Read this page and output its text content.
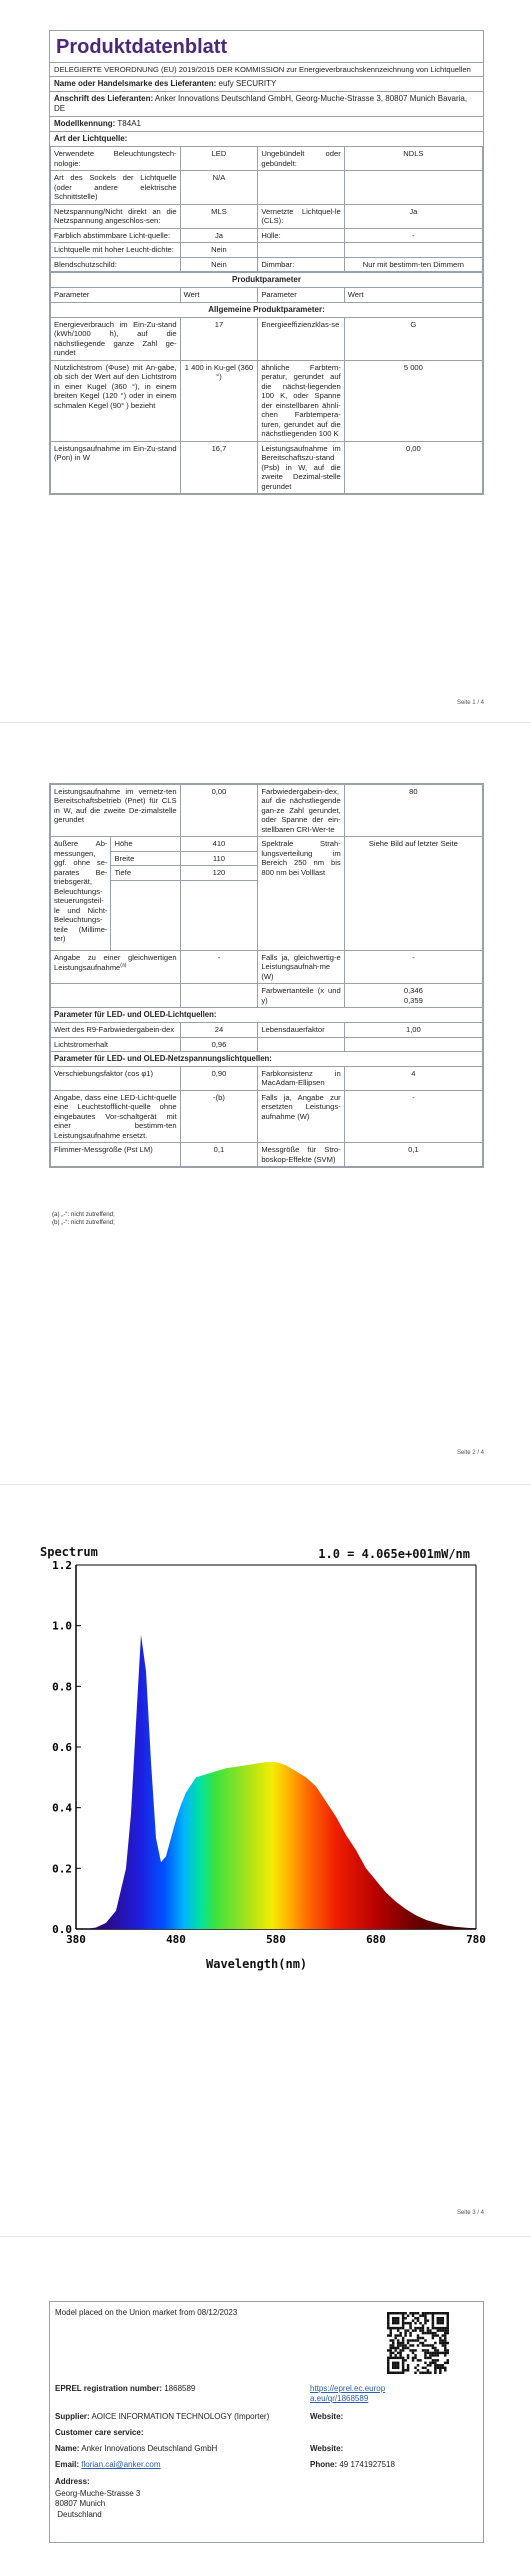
Produktdatenblatt
DELEGIERTE VERORDNUNG (EU) 2019/2015 DER KOMMISSION zur Energieverbrauchskennzeichnung von Lichtquellen
Name oder Handelsmarke des Lieferanten: eufy SECURITY
Anschrift des Lieferanten: Anker Innovations Deutschland GmbH, Georg-Muche-Strasse 3, 80807 Munich Bavaria, DE
Modellkennung: T84A1
Art der Lichtquelle:
Verwendete Beleuchtungstech-nologie:	LED	Ungebündelt oder gebündelt:	NDLS
Art des Sockels der Lichtquelle (oder andere elektrische Schnittstelle)	N/A		
Netzspannung/Nicht direkt an die Netzspannung angeschlos-sen:	MLS	Vernetzte Lichtquel-le (CLS):	Ja
Farblich abstimmbare Licht-quelle:	Ja	Hülle:	-
Lichtquelle mit hoher Leucht-dichte:	Nein		
Blendschutzschild:	Nein	Dimmbar:	Nur mit bestimm-ten Dimmern
Produktparameter			
Parameter	Wert	Parameter	Wert
Allgemeine Produktparameter:			
Energieverbrauch im Ein-Zu-stand (kWh/1000 h), auf die nächstliegende ganze Zahl ge-rundet	17	Energieeffizienzklas-se	G
Nutzlichtstrom (Φuse) mit An-gabe, ob sich der Wert auf den Lichtstrom in einer Kugel (360 °), in einem breiten Kegel (120 °) oder in einem schmalen Kegel (90° ) bezieht	1 400 in Ku-gel (360 °)	ähnliche Farbtem-peratur, gerundet auf die nächst-liegenden 100 K, oder Spanne der einstellbaren ähnli-chen Farbtempera-turen, gerundet auf die nächstliegenden 100 K	5 000
Leistungsaufnahme im Ein-Zu-stand (Pon) in W	16,7	Leistungsaufnahme im Bereitschaftszu-stand (Psb) in W, auf die zweite Dezimal-stelle gerundet	0,00
Seite 1 / 4
Leistungsaufnahme im vernetz-ten Bereitschaftsbetrieb (Pnet) für CLS in W, auf die zweite De-zimalstelle gerundet		0,00	Farbwiedergabein-dex, auf die nächstliegende gan-ze Zahl gerundet, oder Spanne der ein-stellbaren CRI-Wer-te	80
äußere Ab-messungen, ggf. ohne se-parates Be-triebsgerät, Beleuchtungs-steuerungsteil-le und Nicht-Beleuchtungs-teile (Millime-ter)	Höhe	410	Spektrale Strah-lungsverteilung im Bereich 250 nm bis 800 nm bei Volllast	Siehe Bild auf letzter Seite
	Breite	110		
	Tiefe	120		

Angabe zu einer gleichwertigen Leistungsaufnahme$^{(a)}$		-	Falls ja, gleichwertig-e Leistungsaufnah-me (W)	-
			Farbwertanteile (x und y)	0,346
0,359

Parameter für LED- und OLED-Lichtquellen:				
Wert des R9-Farbwiedergabein-dex		24	Lebensdauerfaktor	1,00
Lichtstromerhalt		0,96		
Parameter für LED- und OLED-Netzspannungslichtquellen:				
Verschiebungsfaktor (cos φ1)		0,90	Farbkonsistenz in MacAdam-Ellipsen	4
Angabe, dass eine LED-Licht-quelle eine Leuchtstofflicht-quelle ohne eingebautes Vor-schaltgerät mit einer bestimm-ten Leistungsaufnahme ersetzt.		-(b)	Falls ja, Angabe zur ersetzten Leistungs-aufnahme (W)	-
Flimmer-Messgröße (Pst LM)		0,1	Messgröße für Stro-boskop-Effekte (SVM)	0,1
(a) „-“: nicht zutreffend;
(b) „-“: nicht zutreffend;
Seite 2 / 4
Seite 3 / 4
380	480	580	680	780
0.0
0.2
0.4
0.6
0.8
1.0
1.2
Spectrum	1.0 = 4.065e+001mW/nm
Wavelength(nm)
Model placed on the Union market from 08/12/2023
EPREL registration number: 1868589	https://eprel.ec.europa.eu/qr/1868589
Supplier: AOICE INFORMATION TECHNOLOGY (Importer)	Website:
Customer care service:
Name: Anker Innovations Deutschland GmbH	Website:
Email: florian.cai@anker.com	Phone: 49 1741927518
Address:
Georg-Muche-Strasse 3
80807 Munich
Deutschland
